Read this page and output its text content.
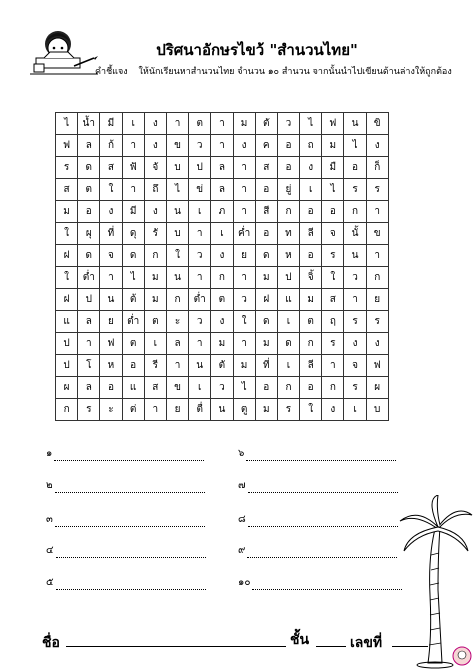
ปริศนาอักษรไขว้ "สำนวนไทย"
คำชี้แจง ให้นักเรียนหาสำนวนไทย จำนวน ๑๐ สำนวน จากนั้นนำไปเขียนด้านล่างให้ถูกต้อง
ไ	น้ำ	มี	เ	ง	า	ต	า	ม	ตั	ว	ไ	ฟ	น	ขิ
ฟ	ล	ก้	า	ง	ข	ว	า	ง	ค	อ	ถ	ม	ไ	ง
ร	ด	ส	ฟั	จั	บ	ป	ล	า	ส	อ	ง	มื	อ	ก็
ส	ต	ใ	า	ถึ	ไ	ข่	ล	า	อ	ยู่	เ	ไ	ร	ร
ม	อ	ง	มี	ง	น	เ	ภ	า	สี	ก	อ	อ	ก	า
ใ	ผุ	ที่	ดุ	รั	บ	า	เ	ค่ำ	อ	ท	ลี	จ	นั้	ข
ฝ	ด	จ	ด	ก	ใ	ว	ง	ย	ด	ห	อ	ร	น	า
ใ	ต่ำ	า	ไ	ม	น	า	ก	า	ม	ป	จิ้	ใ	ว	ก
ฝ	ป	น	ต้	ม	ก	ต่ำ	ต	ว	ฝ	แ	ม	ส	า	ย
แ	ล	ย	ต่ำ	ต	ะ	ว	ง	ใ	ด	เ	ต	ฤ	ร	ร
ป	า	ฟ	ต	เ	ล	า	ม	า	ม	ด	ก	ร	ง	ง
ป	โ	ห	อ	รี	า	น	ตั	ม	ที่	เ	ลี	า	จ	ฟ
ผ	ล	อ	แ	ส	ข	เ	ว	ไ	อ	ก	อ	ก	ร	ผ
ก	ร	ะ	ต่	า	ย	ตื่	น	ตู	ม	ร	ใ	ง	เ	บ
๑
๒
๓
๔
๕
๖
๗
๘
๙
๑๐
ชื่อ	ชั้น	เลขที่
